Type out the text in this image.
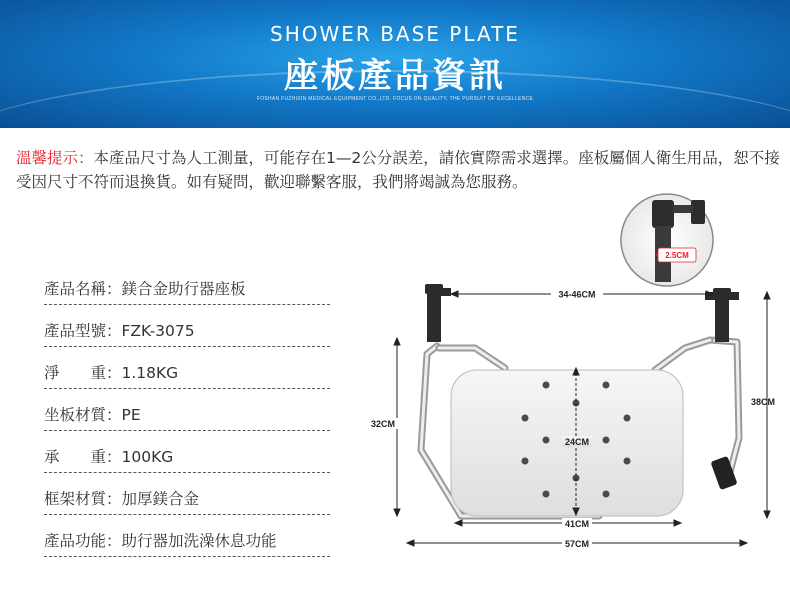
SHOWER BASE PLATE
座板產品資訊
FOSHAN FUZHIXIN MEDICAL EQUIPMENT CO.,LTD. FOCUS ON QUALITY, THE PURSUIT OF EXCELLENCE
溫馨提示：本產品尺寸為人工測量，可能存在1—2公分誤差，請依實際需求選擇。座板屬個人衛生用品，恕不接受因尺寸不符而退換貨。如有疑問，歡迎聯繫客服，我們將竭誠為您服務。
產品名稱：鎂合金助行器座板
產品型號：FZK-3075
淨　　重：1.18KG
坐板材質：PE
承　　重：100KG
框架材質：加厚鎂合金
產品功能：助行器加洗澡休息功能
2.5CM
34-46CM
38CM
32CM
24CM
41CM
57CM
